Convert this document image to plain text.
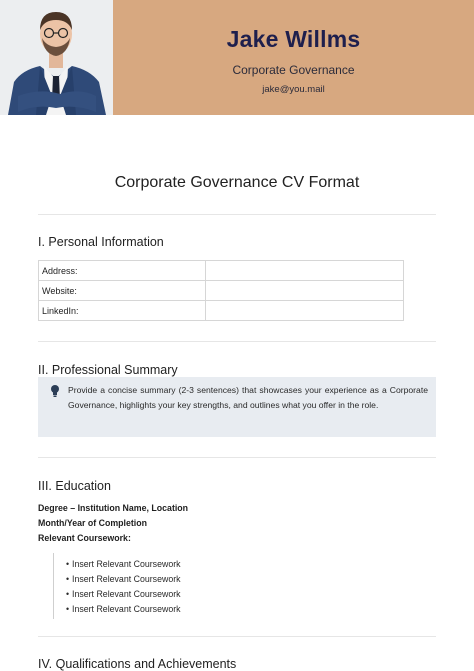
Jake Willms
Corporate Governance
jake@you.mail
Corporate Governance CV Format
I. Personal Information
Address:	
Website:	
LinkedIn:	
II. Professional Summary
Provide a concise summary (2-3 sentences) that showcases your experience as a Corporate Governance, highlights your key strengths, and outlines what you offer in the role.
III. Education
Degree – Institution Name, Location
Month/Year of Completion
Relevant Coursework:
• Insert Relevant Coursework
• Insert Relevant Coursework
• Insert Relevant Coursework
• Insert Relevant Coursework
IV. Qualifications and Achievements
